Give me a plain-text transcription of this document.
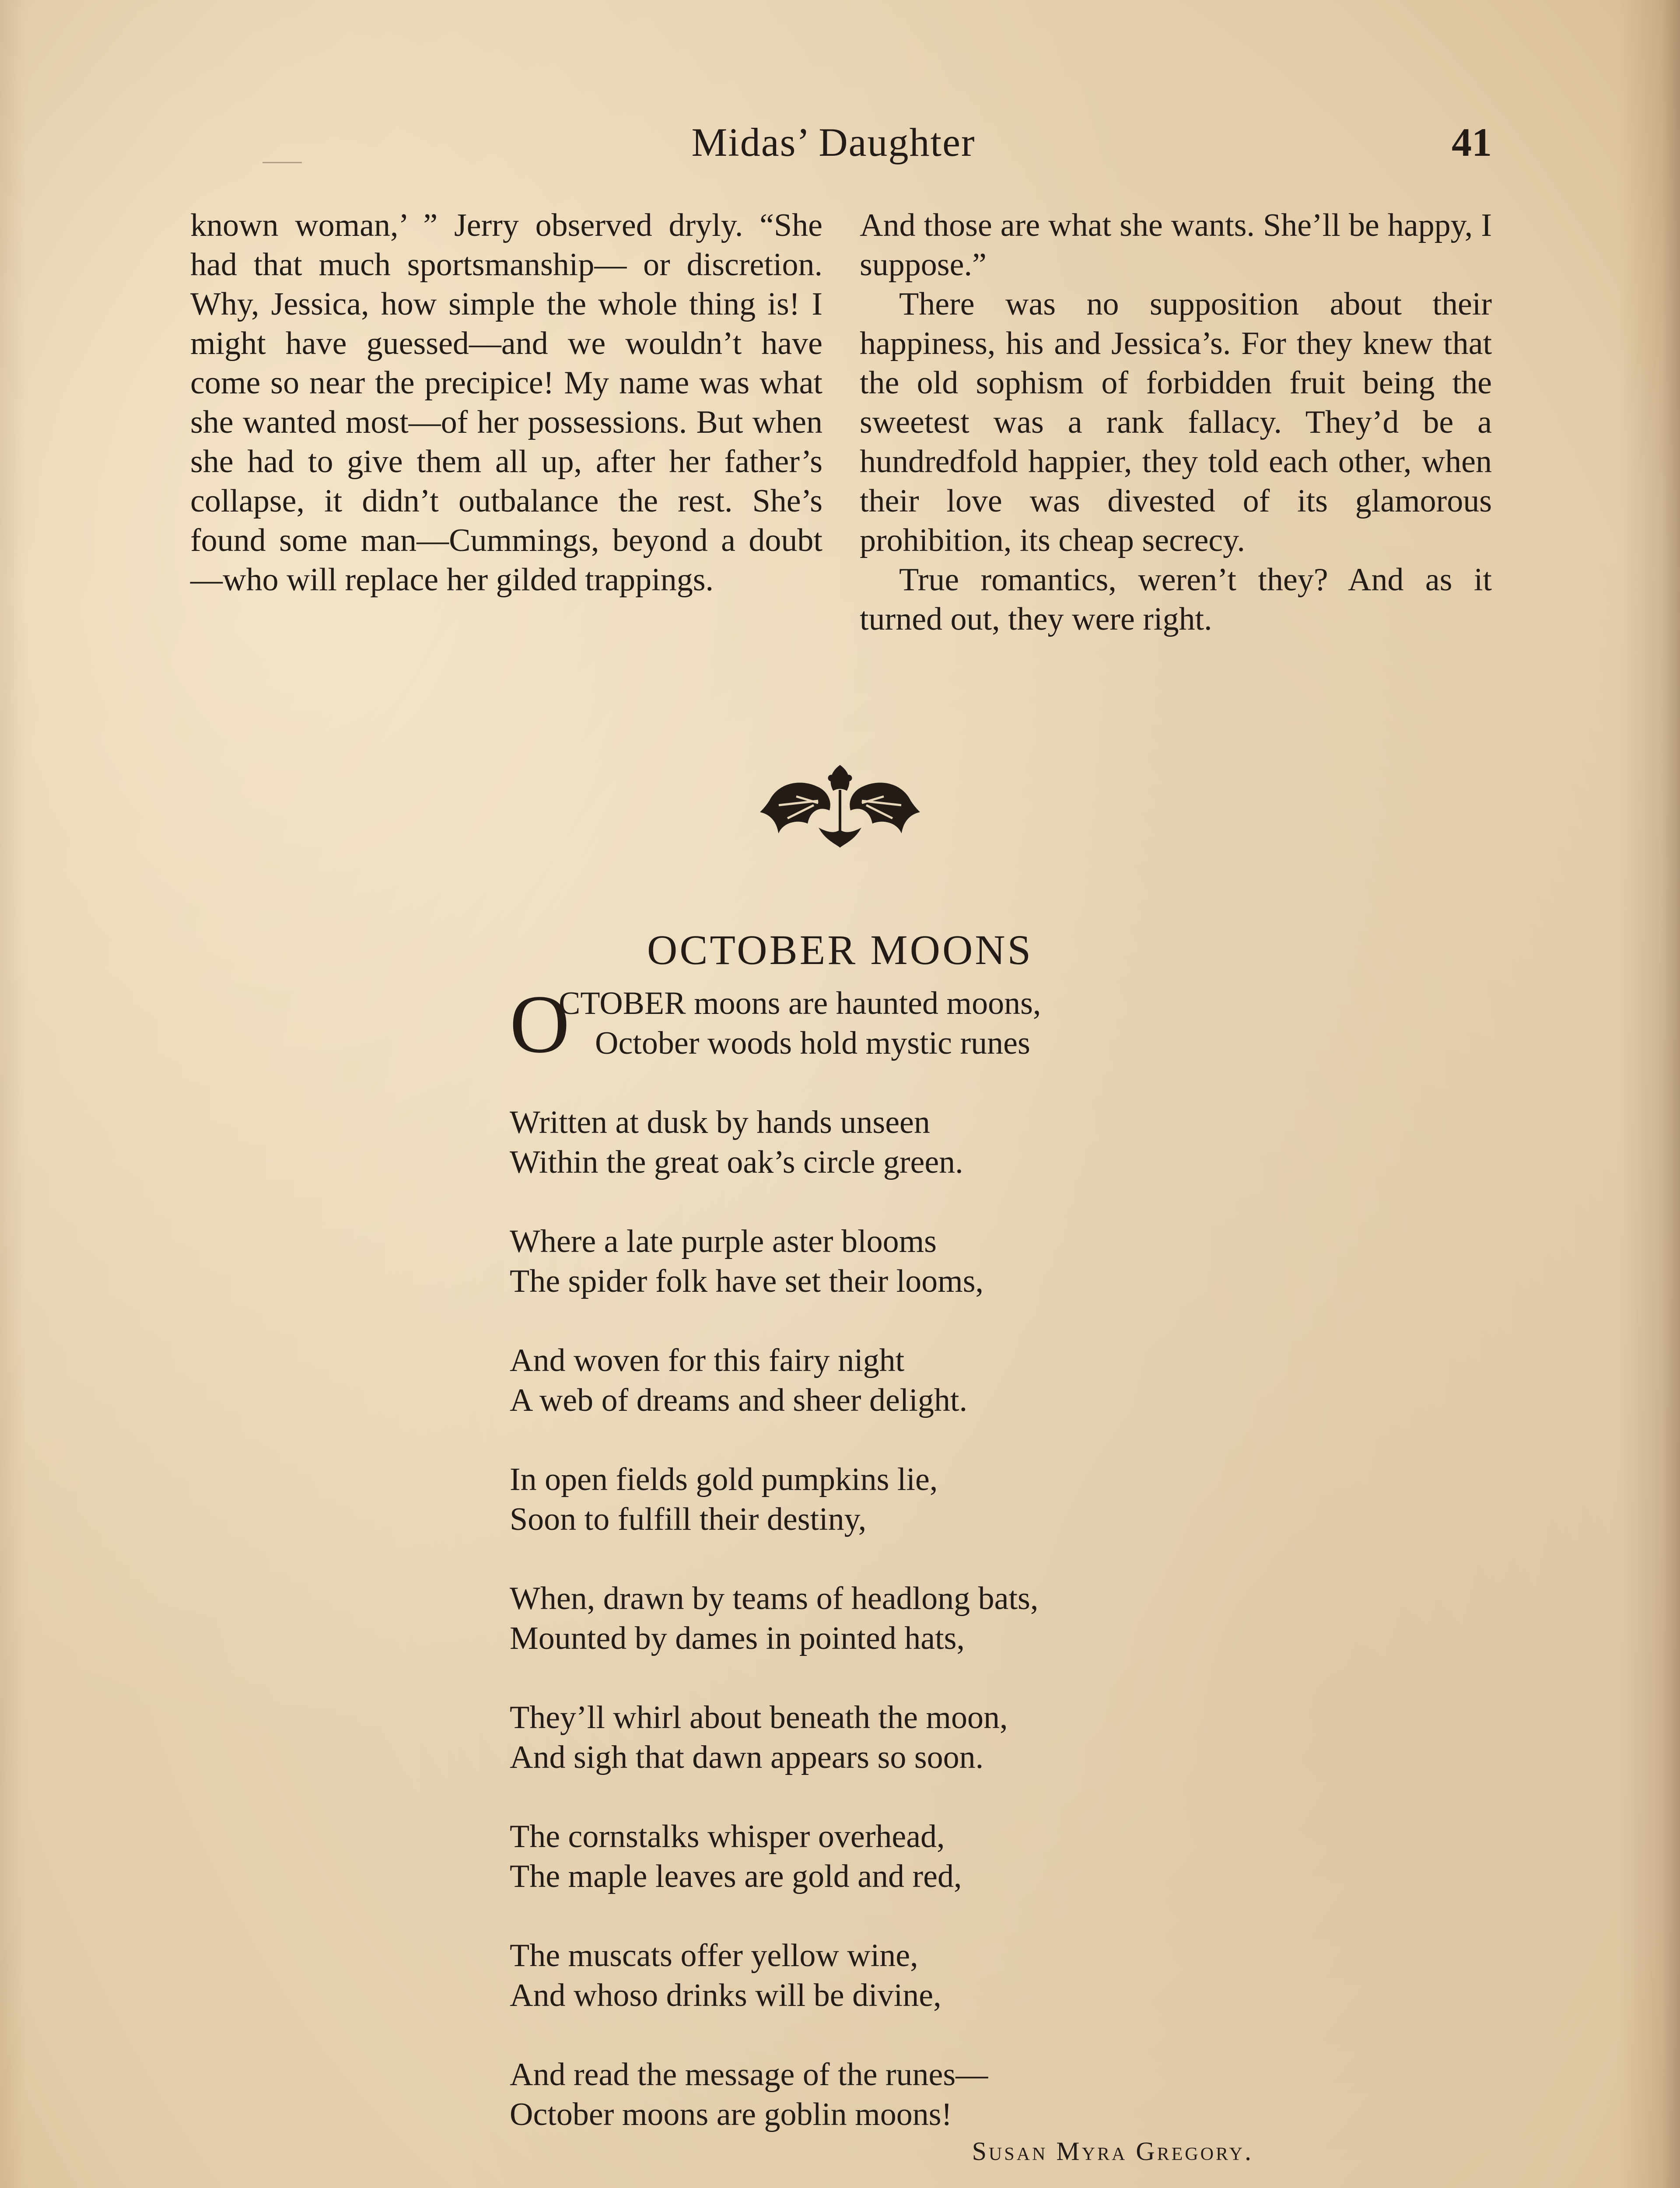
Midas’ Daughter	41

known woman,’ ” Jerry observed dryly. “She had that much sportsmanship— or discretion. Why, Jessica, how simple the whole thing is! I might have guessed—and we wouldn’t have come so near the precipice! My name was what she wanted most—of her possessions. But when she had to give them all up, after her father’s collapse, it didn’t outbalance the rest. She’s found some man—Cummings, beyond a doubt —who will replace her gilded trappings.

And those are what she wants. She’ll be happy, I suppose.”

There was no supposition about their happiness, his and Jessica’s. For they knew that the old sophism of forbidden fruit being the sweetest was a rank fallacy. They’d be a hundredfold happier, they told each other, when their love was divested of its glamorous prohibition, its cheap secrecy.

True romantics, weren’t they? And as it turned out, they were right.

OCTOBER MOONS
O
CTOBER moons are haunted moons,
October woods hold mystic runes
Written at dusk by hands unseen
Within the great oak’s circle green.
Where a late purple aster blooms
The spider folk have set their looms,
And woven for this fairy night
A web of dreams and sheer delight.
In open fields gold pumpkins lie,
Soon to fulfill their destiny,
When, drawn by teams of headlong bats,
Mounted by dames in pointed hats,
They’ll whirl about beneath the moon,
And sigh that dawn appears so soon.
The cornstalks whisper overhead,
The maple leaves are gold and red,
The muscats offer yellow wine,
And whoso drinks will be divine,
And read the message of the runes—
October moons are goblin moons!
Susan Myra Gregory.
